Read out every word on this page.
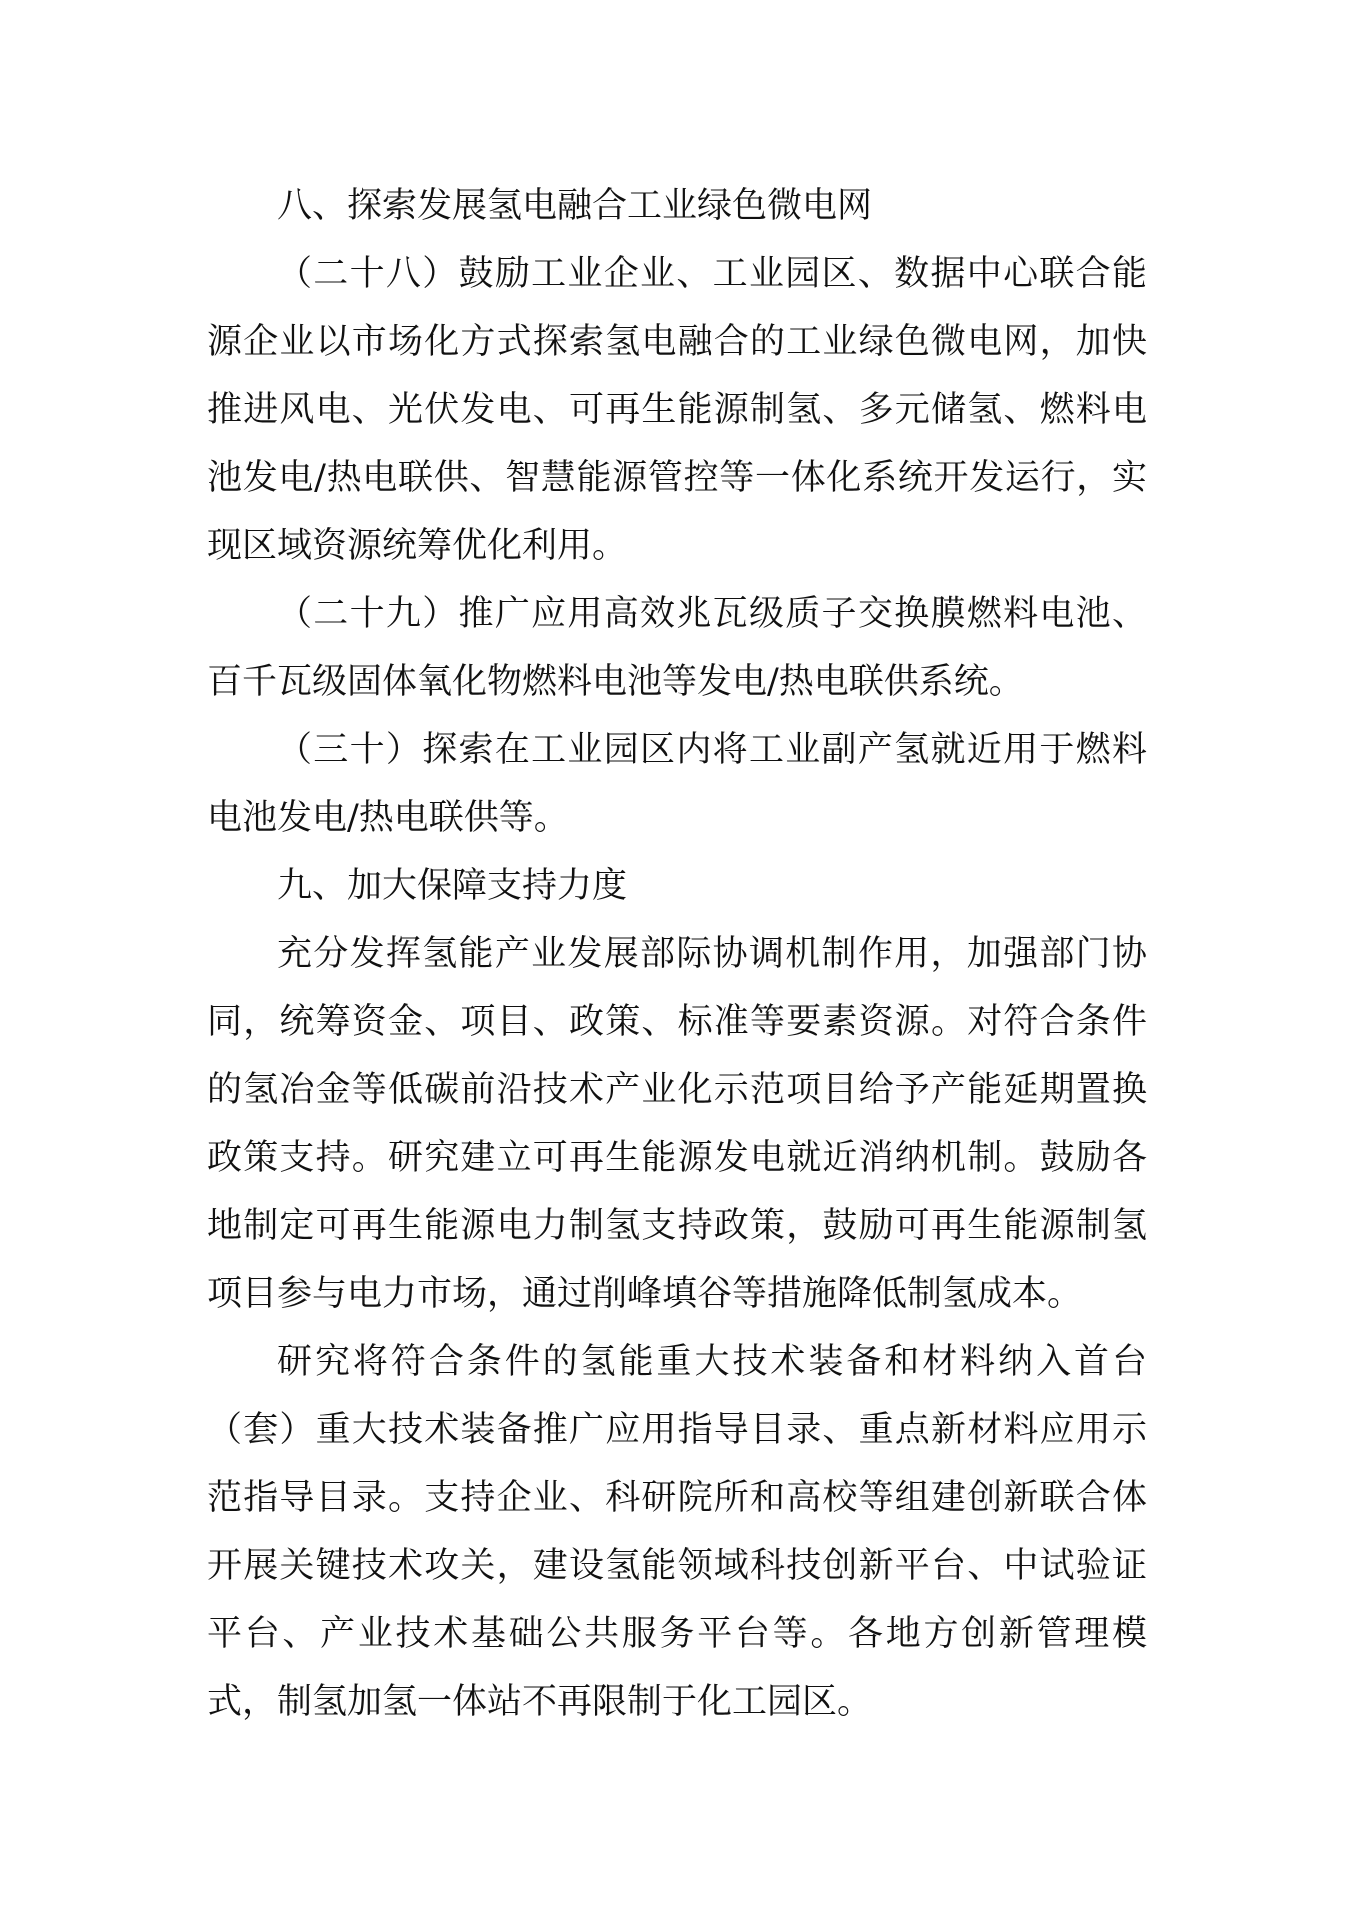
八、探索发展氢电融合工业绿色微电网

（二十八）鼓励工业企业、工业园区、数据中心联合能源企业以市场化方式探索氢电融合的工业绿色微电网，加快推进风电、光伏发电、可再生能源制氢、多元储氢、燃料电池发电/热电联供、智慧能源管控等一体化系统开发运行，实现区域资源统筹优化利用。

（二十九）推广应用高效兆瓦级质子交换膜燃料电池、百千瓦级固体氧化物燃料电池等发电/热电联供系统。

（三十）探索在工业园区内将工业副产氢就近用于燃料电池发电/热电联供等。

九、加大保障支持力度

充分发挥氢能产业发展部际协调机制作用，加强部门协同，统筹资金、项目、政策、标准等要素资源。对符合条件的氢冶金等低碳前沿技术产业化示范项目给予产能延期置换政策支持。研究建立可再生能源发电就近消纳机制。鼓励各地制定可再生能源电力制氢支持政策，鼓励可再生能源制氢项目参与电力市场，通过削峰填谷等措施降低制氢成本。

研究将符合条件的氢能重大技术装备和材料纳入首台（套）重大技术装备推广应用指导目录、重点新材料应用示范指导目录。支持企业、科研院所和高校等组建创新联合体开展关键技术攻关，建设氢能领域科技创新平台、中试验证平台、产业技术基础公共服务平台等。各地方创新管理模式，制氢加氢一体站不再限制于化工园区。
